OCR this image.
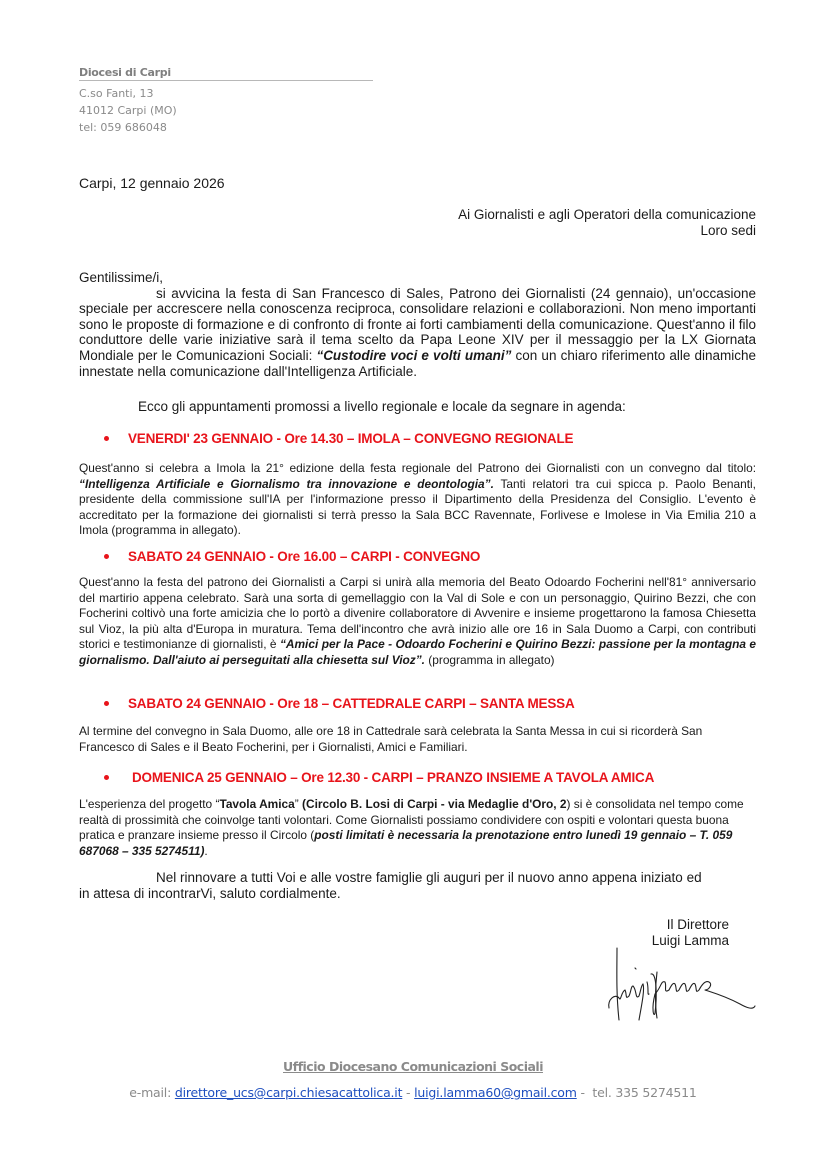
Diocesi di Carpi
C.so Fanti, 13
41012 Carpi (MO)
tel: 059 686048
Carpi, 12 gennaio 2026
Ai Giornalisti e agli Operatori della comunicazione
Loro sedi

Gentilissime/i,

si avvicina la festa di San Francesco di Sales, Patrono dei Giornalisti (24 gennaio), un'occasione speciale per accrescere nella conoscenza reciproca, consolidare relazioni e collaborazioni. Non meno importanti sono le proposte di formazione e di confronto di fronte ai forti cambiamenti della comunicazione. Quest'anno il filo conduttore delle varie iniziative sarà il tema scelto da Papa Leone XIV per il messaggio per la LX Giornata Mondiale per le Comunicazioni Sociali: “Custodire voci e volti umani” con un chiaro riferimento alle dinamiche innestate nella comunicazione dall'Intelligenza Artificiale.

Ecco gli appuntamenti promossi a livello regionale e locale da segnare in agenda:
VENERDI' 23 GENNAIO - Ore 14.30 – IMOLA – CONVEGNO REGIONALE
Quest'anno si celebra a Imola la 21° edizione della festa regionale del Patrono dei Giornalisti con un convegno dal titolo: “Intelligenza Artificiale e Giornalismo tra innovazione e deontologia”. Tanti relatori tra cui spicca p. Paolo Benanti, presidente della commissione sull'IA per l'informazione presso il Dipartimento della Presidenza del Consiglio. L'evento è accreditato per la formazione dei giornalisti si terrà presso la Sala BCC Ravennate, Forlivese e Imolese in Via Emilia 210 a Imola (programma in allegato).
SABATO 24 GENNAIO - Ore 16.00 – CARPI - CONVEGNO
Quest'anno la festa del patrono dei Giornalisti a Carpi si unirà alla memoria del Beato Odoardo Focherini nell'81° anniversario del martirio appena celebrato. Sarà una sorta di gemellaggio con la Val di Sole e con un personaggio, Quirino Bezzi, che con Focherini coltivò una forte amicizia che lo portò a divenire collaboratore di Avvenire e insieme progettarono la famosa Chiesetta sul Vioz, la più alta d'Europa in muratura. Tema dell'incontro che avrà inizio alle ore 16 in Sala Duomo a Carpi, con contributi storici e testimonianze di giornalisti, è “Amici per la Pace - Odoardo Focherini e Quirino Bezzi: passione per la montagna e giornalismo. Dall'aiuto ai perseguitati alla chiesetta sul Vioz”. (programma in allegato)
SABATO 24 GENNAIO - Ore 18 – CATTEDRALE CARPI – SANTA MESSA
Al termine del convegno in Sala Duomo, alle ore 18 in Cattedrale sarà celebrata la Santa Messa in cui si ricorderà San Francesco di Sales e il Beato Focherini, per i Giornalisti, Amici e Familiari.
DOMENICA 25 GENNAIO – Ore 12.30 - CARPI – PRANZO INSIEME A TAVOLA AMICA
L'esperienza del progetto “Tavola Amica” (Circolo B. Losi di Carpi - via Medaglie d'Oro, 2) si è consolidata nel tempo come realtà di prossimità che coinvolge tanti volontari. Come Giornalisti possiamo condividere con ospiti e volontari questa buona pratica e pranzare insieme presso il Circolo (posti limitati è necessaria la prenotazione entro lunedì 19 gennaio – T. 059 687068 – 335 5274511).
Nel rinnovare a tutti Voi e alle vostre famiglie gli auguri per il nuovo anno appena iniziato ed
in attesa di incontrarVi, saluto cordialmente.
Il Direttore
Luigi Lamma
Ufficio Diocesano Comunicazioni Sociali
e-mail: direttore_ucs@carpi.chiesacattolica.it - luigi.lamma60@gmail.com -  tel. 335 5274511
